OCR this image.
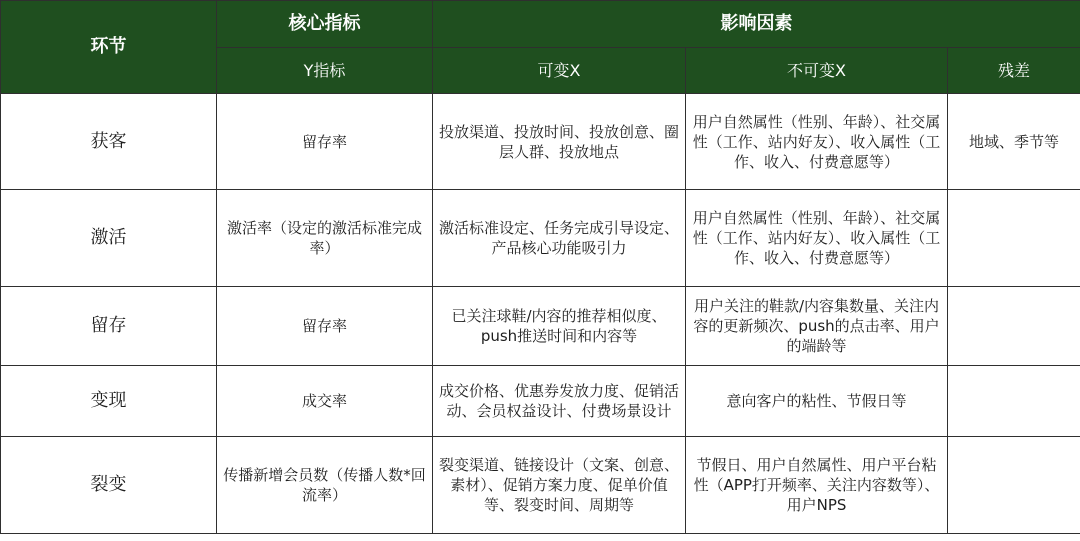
环节	核心指标	影响因素		
	Y指标	可变X	不可变X	残差
获客	留存率	投放渠道、投放时间、投放创意、圈层人群、投放地点	用户自然属性（性别、年龄）、社交属性（工作、站内好友）、收入属性（工作、收入、付费意愿等）	地域、季节等
激活	激活率（设定的激活标准完成率）	激活标准设定、任务完成引导设定、产品核心功能吸引力	用户自然属性（性别、年龄）、社交属性（工作、站内好友）、收入属性（工作、收入、付费意愿等）	
留存	留存率	已关注球鞋/内容的推荐相似度、push推送时间和内容等	用户关注的鞋款/内容集数量、关注内容的更新频次、push的点击率、用户的端龄等	
变现	成交率	成交价格、优惠券发放力度、促销活动、会员权益设计、付费场景设计	意向客户的粘性、节假日等	
裂变	传播新增会员数（传播人数*回流率）	裂变渠道、链接设计（文案、创意、素材）、促销方案力度、促单价值等、裂变时间、周期等	节假日、用户自然属性、用户平台粘性（APP打开频率、关注内容数等）、用户NPS	
